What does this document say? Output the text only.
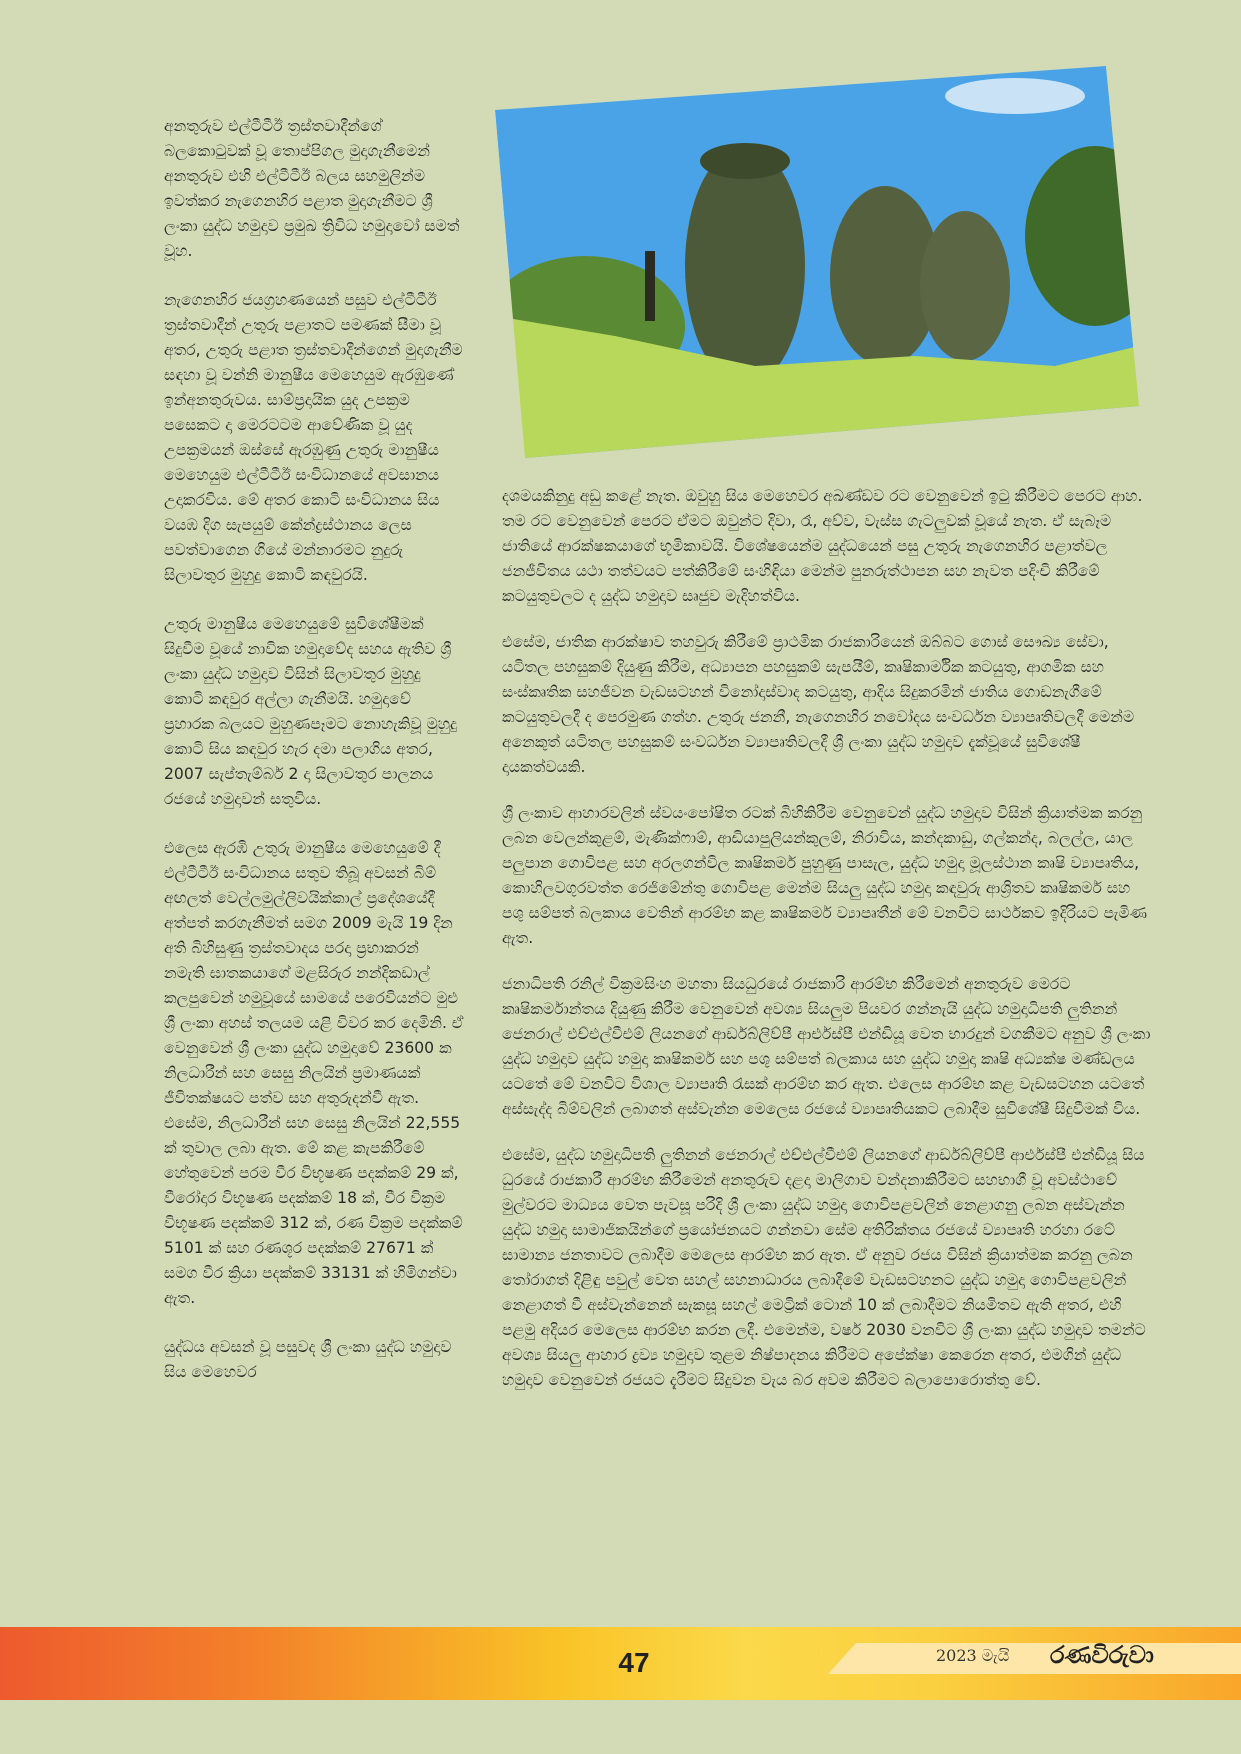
අනතුරුව එල්ටීටීඊ ත්‍රස්තවාදීන්ගේ බලකොටුවක් වූ තොප්පිගල මුදාගැනීමෙන් අනතුරුව එහි එල්ටීටීඊ බලය සහමුලින්ම ඉවත්කර නැගෙනහිර පළාත මුදාගැනීමට ශ්‍රී ලංකා යුද්ධ හමුදාව ප්‍රමුඛ ත්‍රිවිධ හමුදාවෝ සමත් වූහ.

නැගෙනහිර ජයග්‍රහණයෙන් පසුව එල්ටීටීඊ ත්‍රස්තවාදීන් උතුරු පළාතට පමණක් සීමා වූ අතර, උතුරු පළාත ත්‍රස්තවාදීන්ගෙන් මුදාගැනීම සඳහා වූ වන්නි මානුෂීය මෙහෙයුම ඇරඹුණේ ඉන්අනතුරුවය. සාම්ප්‍රදායික යුද උපක්‍රම පසෙකට දා මෙරටටම ආවේණික වූ යුද උපක්‍රමයන් ඔස්සේ ඇරඹුණු උතුරු මානුෂීය මෙහෙයුම එල්ටීටීඊ සංවිධානයේ අවසානය උදාකරවිය. මේ අතර කොටි සංවිධානය සිය වයඹ දිග සැපයුම් කේන්ද්‍රස්ථානය ලෙස පවත්වාගෙන ගියේ මන්නාරමට නුදුරු සිලාවතුර මුහුදු කොටි කඳවුරයි.

උතුරු මානුෂීය මෙහෙයුමේ සුවිශේෂීමක් සිදුවීම වූයේ නාවික හමුදාවේද සහය ඇතිව ශ්‍රී ලංකා යුද්ධ හමුදාව විසින් සිලාවතුර මුහුදු කොටි කඳවුර අල්ලා ගැනීමයි. හමුදාවේ ප්‍රහාරක බලයට මුහුණපෑමට නොහැකිවූ මුහුදු කොටි සිය කඳවුර හැර දමා පලාගිය අතර, 2007 සැප්තැම්බර් 2 දා සිලාවතුර පාලනය රජයේ හමුදාවන් සතුවිය.

එලෙස ඇරඹි උතුරු මානුෂීය මෙහෙයුමේ දී එල්ටීටීඊ සංවිධානය සතුව තිබූ අවසන් බිම් අඟලත් වෙල්ලමුල්ලිවයික්කාල් ප්‍රදේශයේදී අත්පත් කරගැනීමත් සමග 2009 මැයි 19 දින අති බිහිසුණු ත්‍රස්තවාදය පරදා ප්‍රභාකරන් නමැති ඝාතකයාගේ මළසිරුර නන්දිකඩාල් කලපුවෙන් හමුවූයේ සාමයේ පරෙවියන්ට මුළු ශ්‍රී ලංකා අහස් තලයම යළි විවර කර දෙමිනි. ඒ වෙනුවෙන් ශ්‍රී ලංකා යුද්ධ හමුදාවේ 23600 ක නිලධාරීන් සහ සෙසු නිලයින් ප්‍රමාණයක් ජීවිතක්ෂයට පත්ව සහ අතුරුදන්වී ඇත. එසේම, නිලධාරීන් සහ සෙසු නිලයින් 22,555 ක් තුවාල ලබා ඇත. මේ කළ කැපකිරීමේ හේතුවෙන් පරම වීර විභූෂණ පදක්කම් 29 ක්, වීරෝදාර විභූෂණ පදක්කම් 18 ක්, වීර වික්‍රම විභූෂණ පදක්කම් 312 ක්, රණ වික්‍රම පදක්කම් 5101 ක් සහ රණශූර පදක්කම් 27671 ක් සමග වීර ක්‍රියා පදක්කම් 33131 ක් හිමිගන්වා ඇත.

යුද්ධය අවසන් වූ පසුවද ශ්‍රී ලංකා යුද්ධ හමුදාව සිය මෙහෙවර

දශමයකිනුදු අඩු කළේ නැත. ඔවුහු සිය මෙහෙවර අඛණ්ඩව රට වෙනුවෙන් ඉටු කිරීමට පෙරට ආහ. තම රට වෙනුවෙන් පෙරට ඒමට ඔවුන්ට දිවා, රෑ, අව්ව, වැස්ස ගැටලුවක් වූයේ නැත. ඒ සැබෑම ජාතියේ ආරක්ෂකයාගේ භූමිකාවයි. විශේෂයෙන්ම යුද්ධයෙන් පසු උතුරු නැගෙනහිර පළාත්වල ජනජීවිතය යථා තත්වයට පත්කිරීමේ සංහිඳියා මෙන්ම පුනරුත්ථාපන සහ නැවත පදිංචි කිරීමේ කටයුතුවලට ද යුද්ධ හමුදාව සෘජුව මැදිහත්විය.

එසේම, ජාතික ආරක්ෂාව තහවුරු කිරීමේ ප්‍රාථමික රාජකාරියෙන් ඔබ්බට ගොස් සෞඛ්‍ය සේවා, යටිතල පහසුකම් දියුණු කිරීම, අධ්‍යාපන පහසුකම් සැපයීම්, කෘෂිකාර්මික කටයුතු, ආගමික සහ සංස්කෘතික සහජීවන වැඩසටහන් විනෝදාස්වාද කටයුතු, ආදිය සිදුකරමින් ජාතිය ගොඩනැගීමේ කටයුතුවලදී ද පෙරමුණ ගත්හ. උතුරු ජනනී, නැගෙනහිර නවෝදය සංවර්ධන ව්‍යාපෘතිවලදී මෙන්ම අනෙකුත් යටිතල පහසුකම් සංවර්ධන ව්‍යාපෘතිවලදී ශ්‍රී ලංකා යුද්ධ හමුදාව දැක්වූයේ සුවිශේෂී දායකත්වයකි.

ශ්‍රී ලංකාව ආහාරවලින් ස්වයංපෝෂිත රටක් බිහිකිරීම වෙනුවෙන් යුද්ධ හමුදාව විසින් ක්‍රියාත්මක කරනු ලබන වෙලන්කුළම්, මැණික්ෆාම්, ආඩියාපුලියන්කුලම්, නිරාවිය, කන්දකාඩු, ගල්කන්ද, බලල්ල, යාල පලුපාන ගොවිපළ සහ අරලගන්විල කෘෂිකර්ම පුහුණු පාසැල, යුද්ධ හමුදා මූලස්ථාන කෘෂි ව්‍යාපෘතිය, කොහිලවගුරවත්ත රෙජිමේන්තු ගොවිපළ මෙන්ම සියලු යුද්ධ හමුදා කඳවුරු ආශ්‍රිතව කෘෂිකර්ම සහ පශු සම්පත් බලකාය වෙතින් ආරම්භ කළ කෘෂිකර්ම ව්‍යාපෘතීන් මේ වනවිට සාර්ථකව ඉදිරියට පැමිණ ඇත.

ජනාධිපති රනිල් වික්‍රමසිංහ මහතා සියධුරයේ රාජකාරි ආරම්භ කිරීමෙන් අනතුරුව මෙරට කෘෂිකර්මාන්තය දියුණු කිරීම වෙනුවෙන් අවශ්‍ය සියලුම පියවර ගන්නැයි යුද්ධ හමුදාධිපති ලුතිනන් ජෙනරාල් එච්එල්වීඑම් ලියනගේ ආර්ඩබ්ලිව්පී ආර්එස්පී එන්ඩියූ වෙත භාරදුන් වගකීමට අනුව ශ්‍රී ලංකා යුද්ධ හමුදාව යුද්ධ හමුදා කෘෂිකර්ම සහ පශු සම්පත් බලකාය සහ යුද්ධ හමුදා කෘෂි අධ්‍යක්ෂ මණ්ඩලය යටතේ මේ වනවිට විශාල ව්‍යාපෘති රැසක් ආරම්භ කර ඇත. එලෙස ආරම්භ කළ වැඩසටහන යටතේ අස්සැද්ද බිම්වලින් ලබාගත් අස්වැන්න මෙලෙස රජයේ ව්‍යාපෘතියකට ලබාදීම සුවිශේෂී සිදුවීමක් විය.

එසේම, යුද්ධ හමුදාධිපති ලුතිනන් ජෙනරාල් එච්එල්වීඑම් ලියනගේ ආර්ඩබ්ලිව්පී ආර්එස්පී එන්ඩියූ සිය ධුරයේ රාජකාරී ආරම්භ කිරීමෙන් අනතුරුව දළදා මාලිගාව වන්දනාකිරීමට සහභාගී වූ අවස්ථාවේ මුල්වරට මාධ්‍යය වෙත පැවසූ පරිදි ශ්‍රී ලංකා යුද්ධ හමුදා ගොවිපළවලින් නෙළාගනු ලබන අස්වැන්න යුද්ධ හමුදා සාමාජිකයින්ගේ ප්‍රයෝජනයට ගන්නවා සේම අතිරික්තය රජයේ ව්‍යාපෘති හරහා රටේ සාමාන්‍ය ජනතාවට ලබාදීම මෙලෙස ආරම්භ කර ඇත. ඒ අනුව රජය විසින් ක්‍රියාත්මක කරනු ලබන තෝරාගත් දිළිඳු පවුල් වෙත සහල් සහනාධාරය ලබාදීමේ වැඩසටහනට යුද්ධ හමුදා ගොවිපළවලින් නෙළාගත් වී අස්වැන්නෙන් සැකසූ සහල් මෙට්‍රික් ටොන් 10 ක් ලබාදීමට නියමිතව ඇති අතර, එහි පළමු අදියර මෙලෙස ආරම්භ කරන ලදී. එමෙන්ම, වර්ෂ 2030 වනවිට ශ්‍රී ලංකා යුද්ධ හමුදාව තමන්ට අවශ්‍ය සියලු ආහාර ද්‍රව්‍ය හමුදාව තුළම නිෂ්පාදනය කිරීමට අපේක්ෂා කෙරෙන අතර, එමගින් යුද්ධ හමුදාව වෙනුවෙන් රජයට දැරීමට සිදුවන වැය බර අවම කිරීමට බලාපොරොත්තු වේ.

47	2023 මැයි රණවිරුවා
